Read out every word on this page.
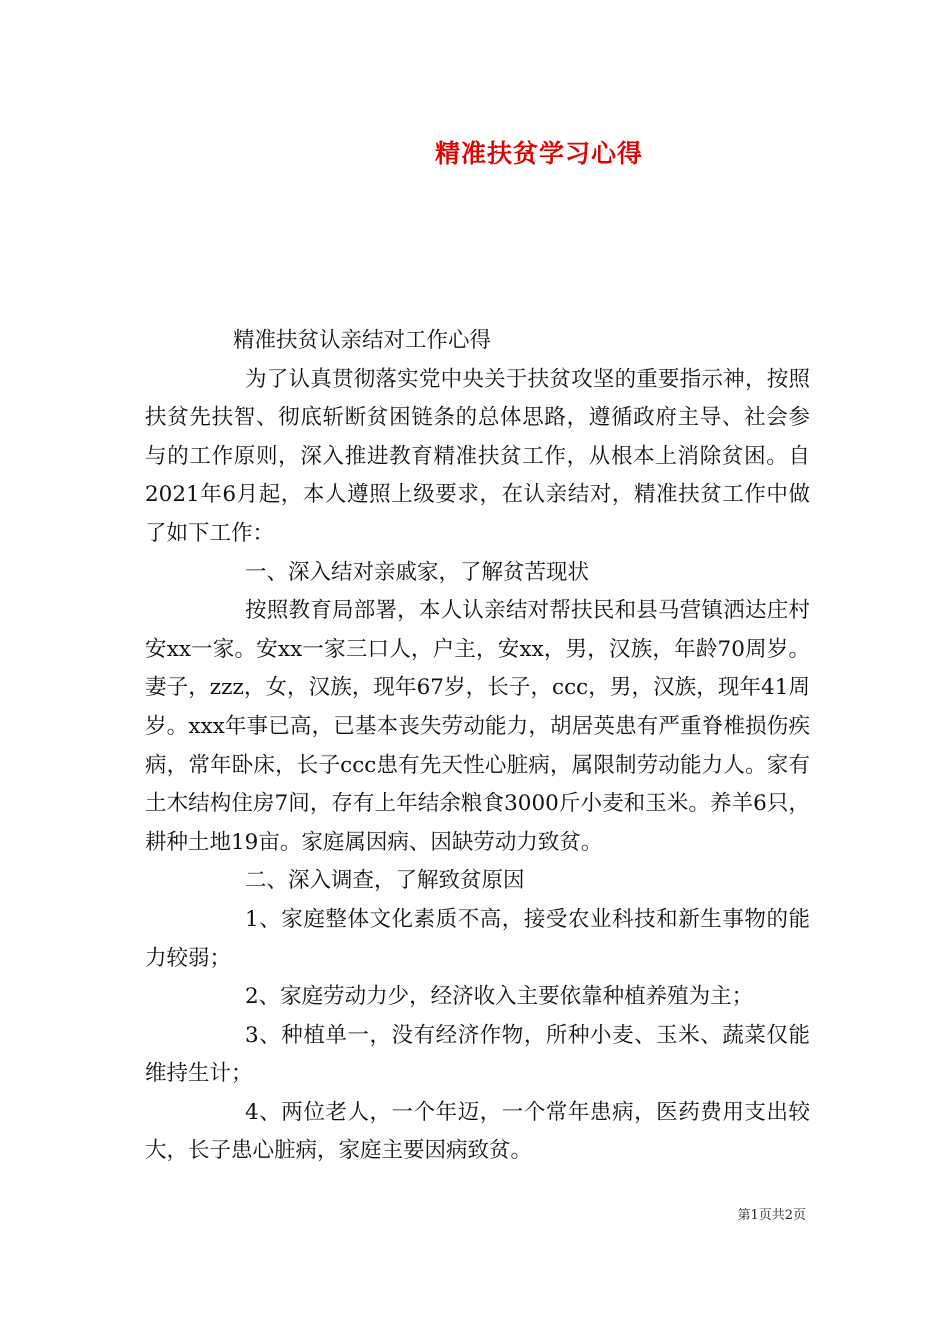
精准扶贫学习心得

精准扶贫认亲结对工作心得

为了认真贯彻落实党中央关于扶贫攻坚的重要指示神，按照扶贫先扶智、彻底斩断贫困链条的总体思路，遵循政府主导、社会参与的工作原则，深入推进教育精准扶贫工作，从根本上消除贫困。自2021年6月起，本人遵照上级要求，在认亲结对，精准扶贫工作中做了如下工作：

一、深入结对亲戚家，了解贫苦现状

按照教育局部署，本人认亲结对帮扶民和县马营镇洒达庄村安xx一家。安xx一家三口人，户主，安xx，男，汉族，年龄70周岁。妻子，zzz，女，汉族，现年67岁，长子，ccc，男，汉族，现年41周岁。xxx年事已高，已基本丧失劳动能力，胡居英患有严重脊椎损伤疾病，常年卧床，长子ccc患有先天性心脏病，属限制劳动能力人。家有土木结构住房7间，存有上年结余粮食3000斤小麦和玉米。养羊6只，耕种土地19亩。家庭属因病、因缺劳动力致贫。

二、深入调查，了解致贫原因

1、家庭整体文化素质不高，接受农业科技和新生事物的能力较弱；

2、家庭劳动力少，经济收入主要依靠种植养殖为主；

3、种植单一，没有经济作物，所种小麦、玉米、蔬菜仅能维持生计；

4、两位老人，一个年迈，一个常年患病，医药费用支出较大，长子患心脏病，家庭主要因病致贫。

第1页共2页
